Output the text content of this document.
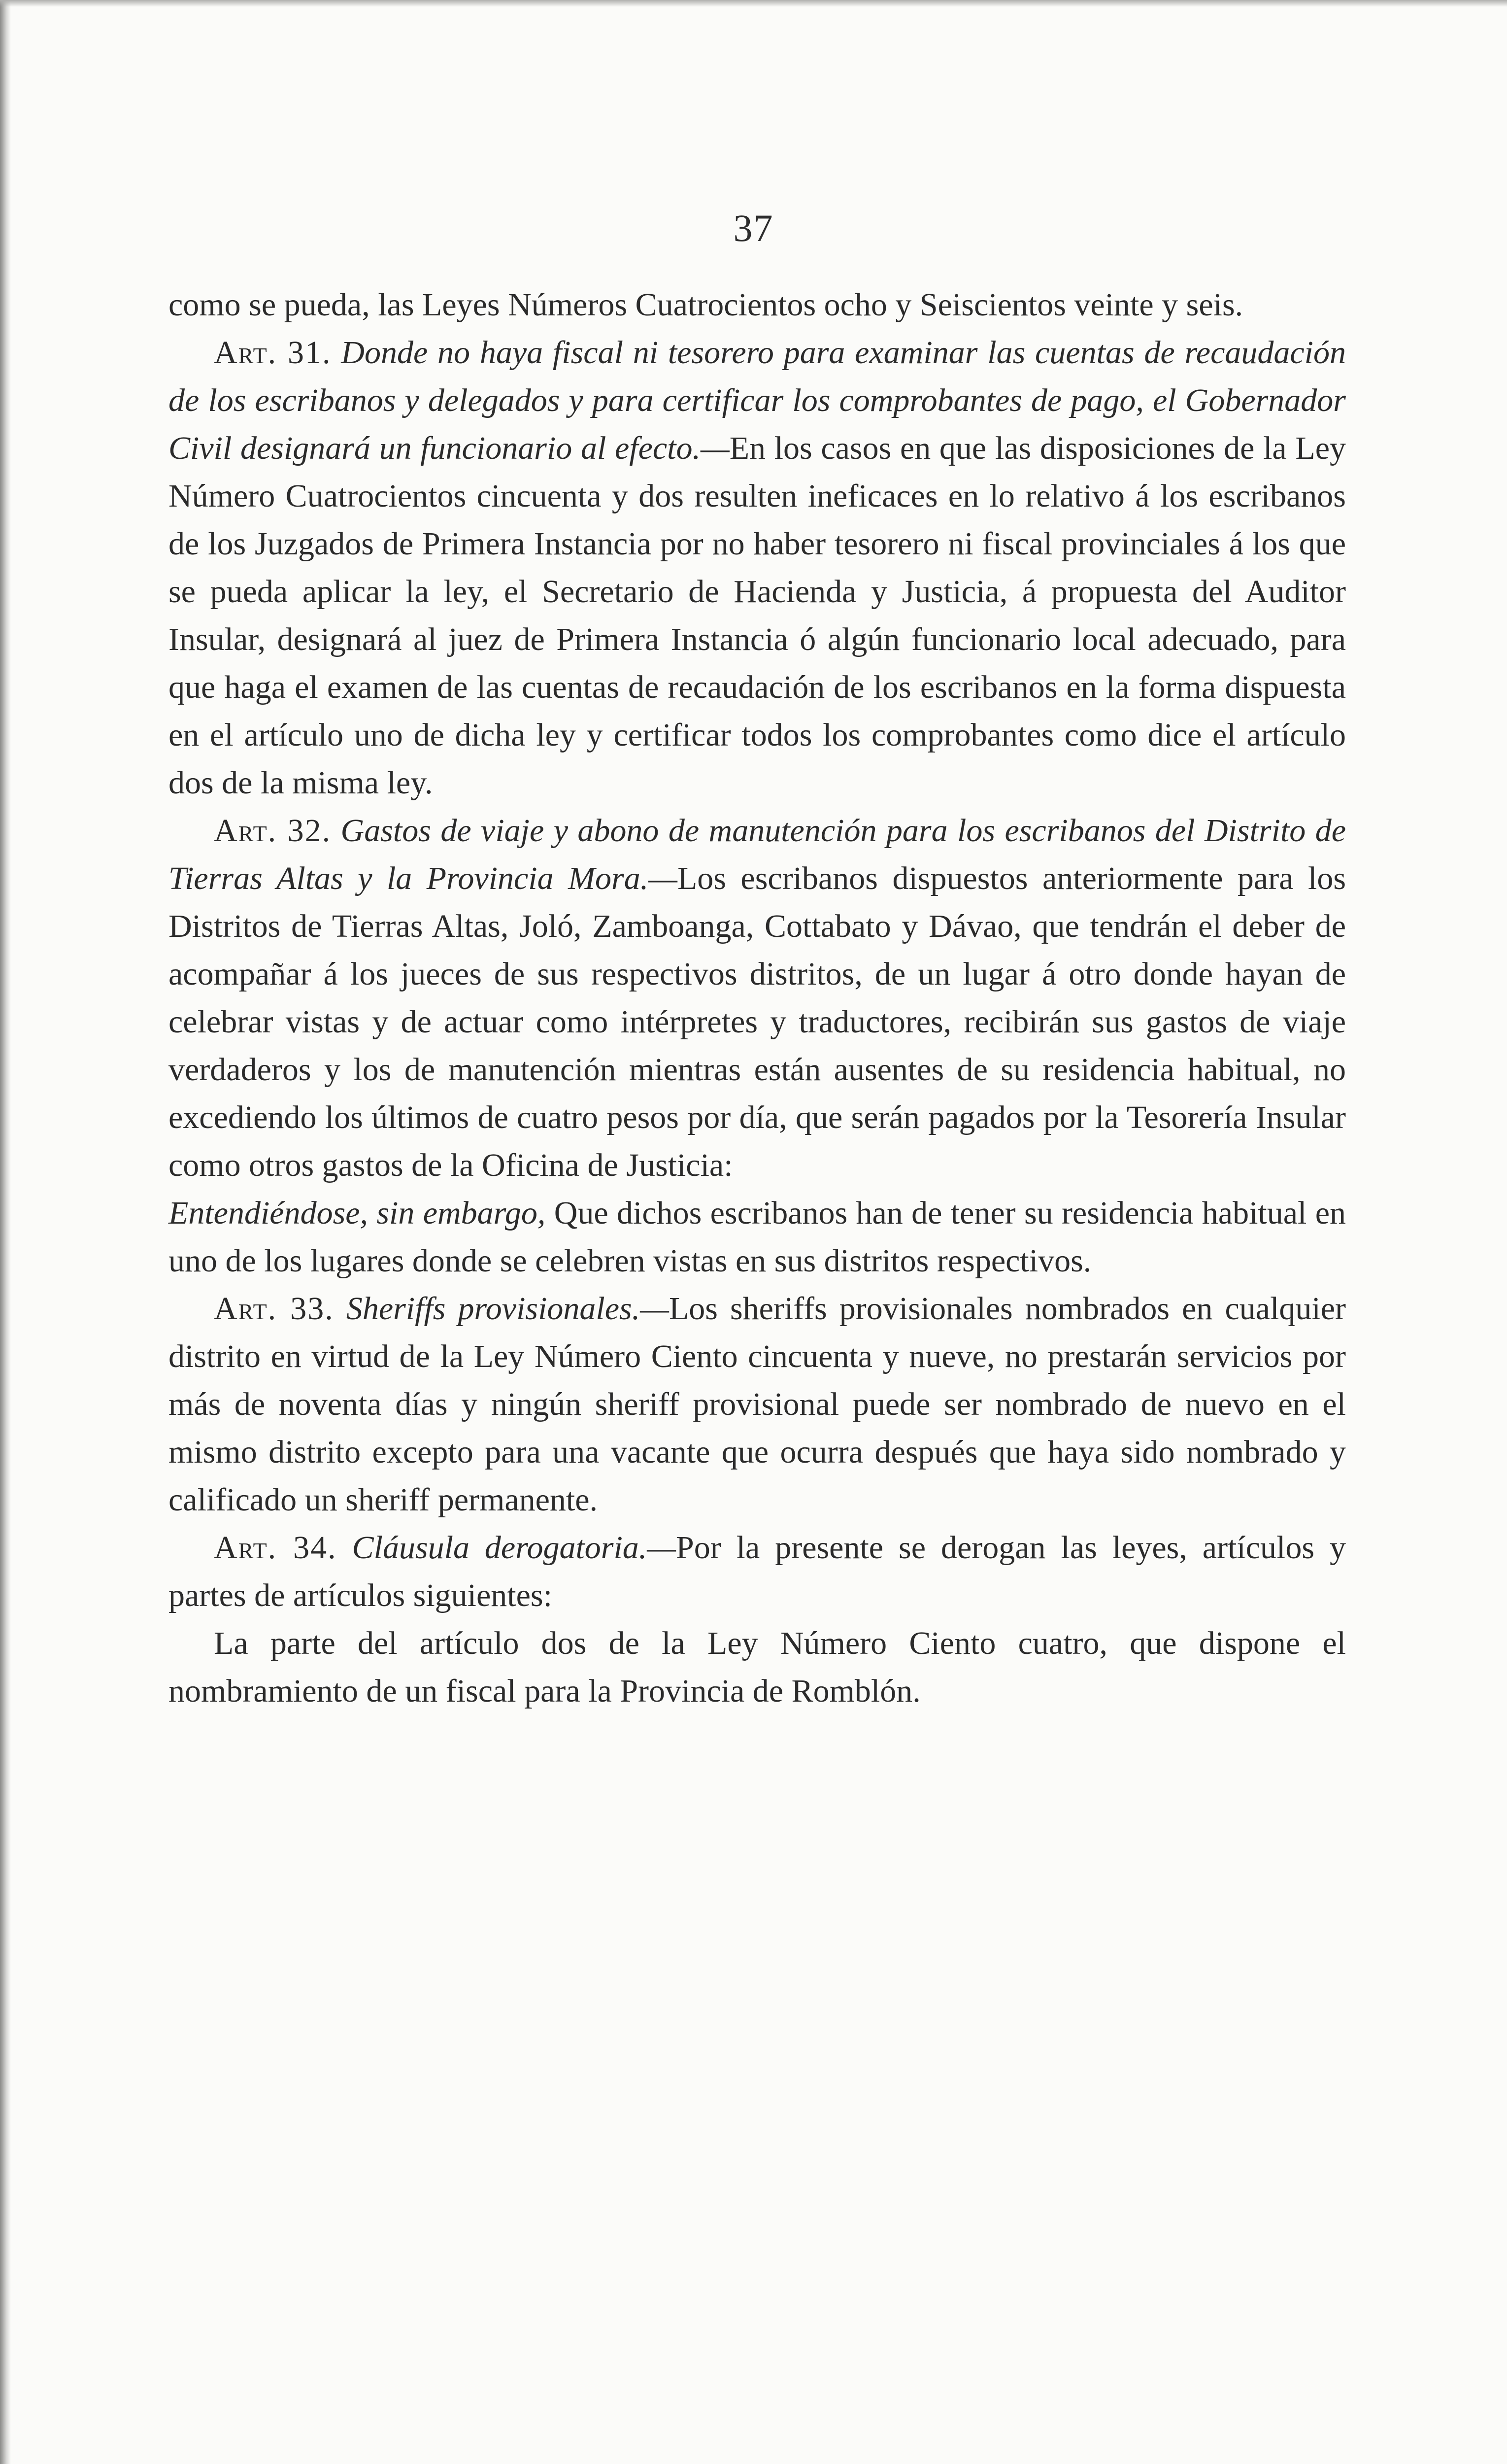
37

como se pueda, las Leyes Números Cuatrocientos ocho y Seiscientos veinte y seis.

Art. 31. Donde no haya fiscal ni tesorero para examinar las cuentas de recaudación de los escribanos y delegados y para certificar los comprobantes de pago, el Gobernador Civil designará un funcionario al efecto.—En los casos en que las disposiciones de la Ley Número Cuatrocientos cincuenta y dos resulten ineficaces en lo relativo á los escribanos de los Juzgados de Primera Instancia por no haber tesorero ni fiscal provinciales á los que se pueda aplicar la ley, el Secretario de Hacienda y Justicia, á propuesta del Auditor Insular, designará al juez de Primera Instancia ó algún funcionario local adecuado, para que haga el examen de las cuentas de recaudación de los escribanos en la forma dispuesta en el artículo uno de dicha ley y certificar todos los comprobantes como dice el artículo dos de la misma ley.

Art. 32. Gastos de viaje y abono de manutención para los escribanos del Distrito de Tierras Altas y la Provincia Mora.—Los escribanos dispuestos anteriormente para los Distritos de Tierras Altas, Joló, Zamboanga, Cottabato y Dávao, que tendrán el deber de acompañar á los jueces de sus respectivos distritos, de un lugar á otro donde hayan de celebrar vistas y de actuar como intérpretes y traductores, recibirán sus gastos de viaje verdaderos y los de manutención mientras están ausentes de su residencia habitual, no excediendo los últimos de cuatro pesos por día, que serán pagados por la Tesorería Insular como otros gastos de la Oficina de Justicia:

Entendiéndose, sin embargo, Que dichos escribanos han de tener su residencia habitual en uno de los lugares donde se celebren vistas en sus distritos respectivos.

Art. 33. Sheriffs provisionales.—Los sheriffs provisionales nombrados en cualquier distrito en virtud de la Ley Número Ciento cincuenta y nueve, no prestarán servicios por más de noventa días y ningún sheriff provisional puede ser nombrado de nuevo en el mismo distrito excepto para una vacante que ocurra después que haya sido nombrado y calificado un sheriff permanente.

Art. 34. Cláusula derogatoria.—Por la presente se derogan las leyes, artículos y partes de artículos siguientes:

La parte del artículo dos de la Ley Número Ciento cuatro, que dispone el nombramiento de un fiscal para la Provincia de Romblón.
